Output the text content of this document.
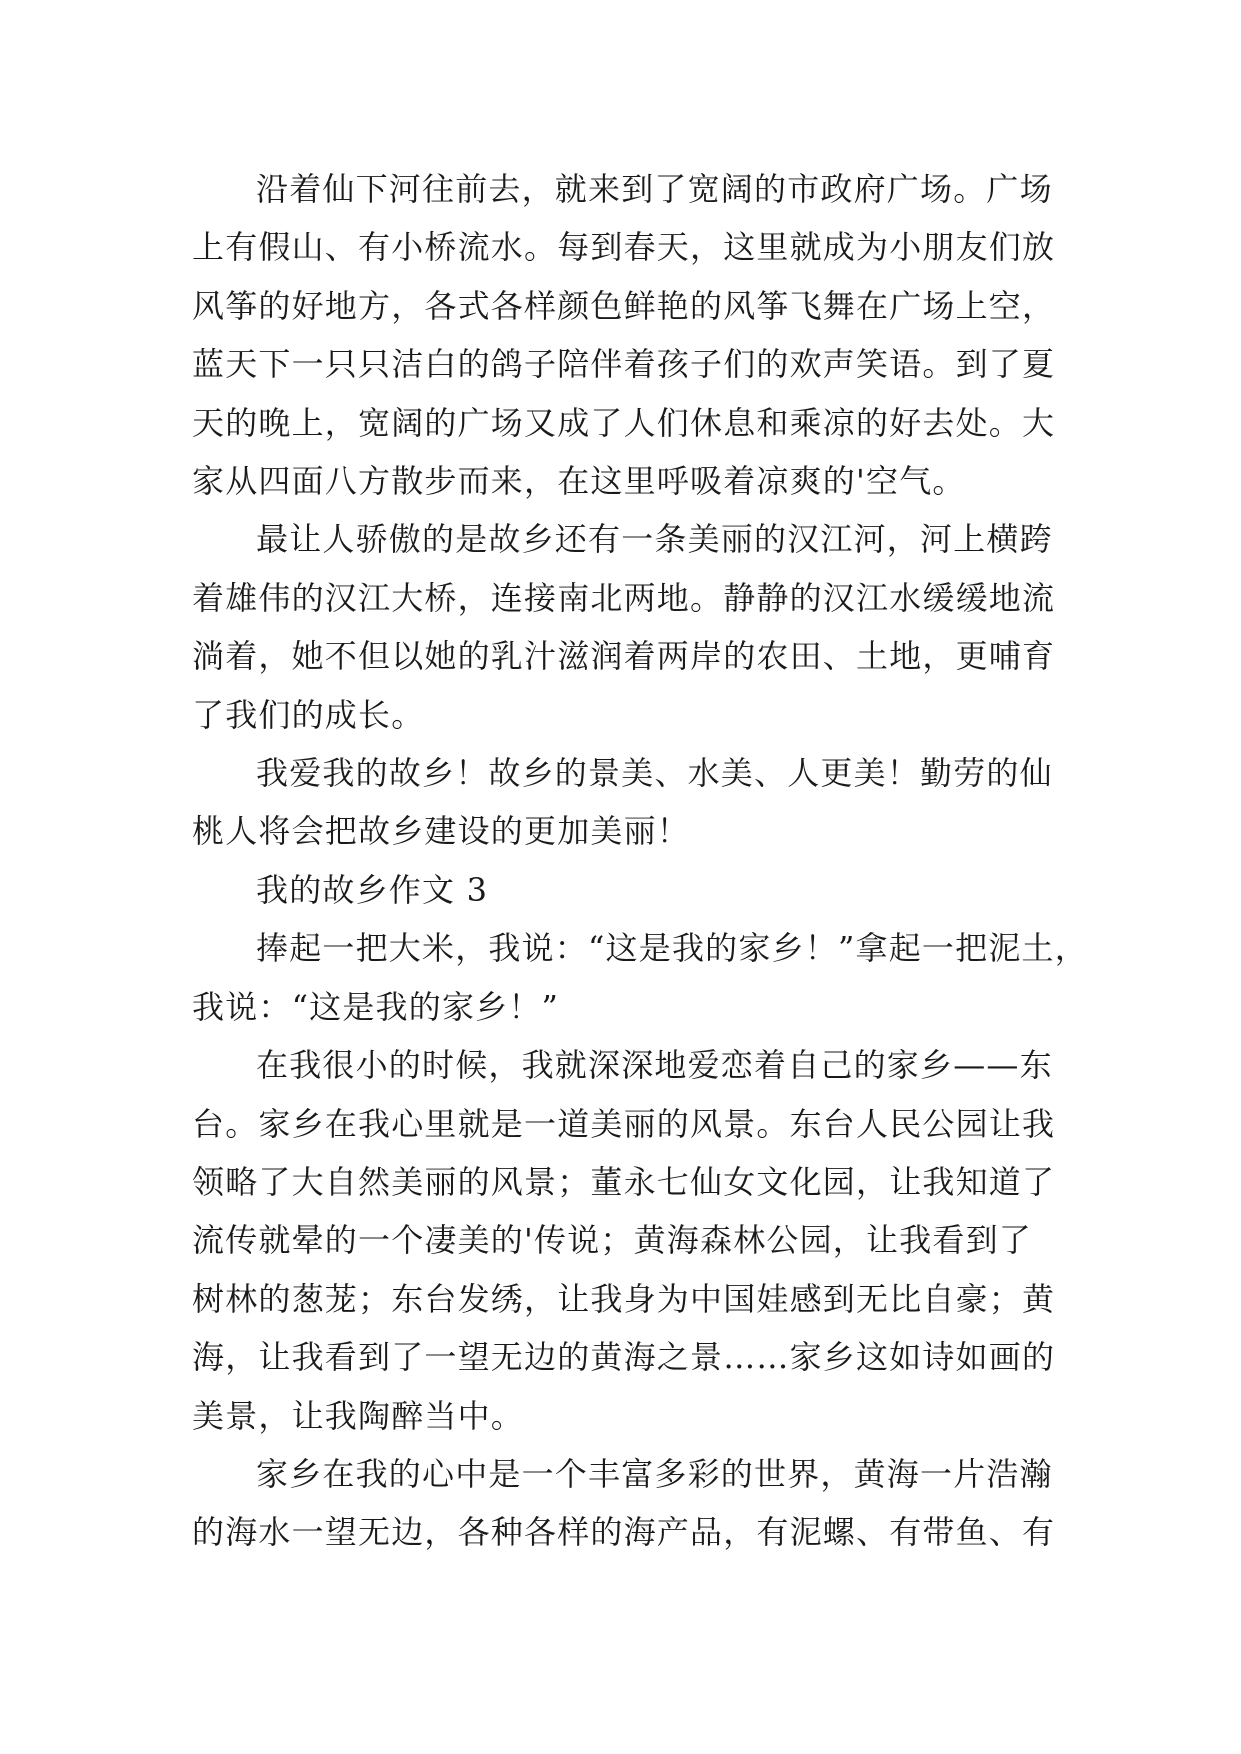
沿着仙下河往前去，就来到了宽阔的市政府广场。广场
上有假山、有小桥流水。每到春天，这里就成为小朋友们放
风筝的好地方，各式各样颜色鲜艳的风筝飞舞在广场上空，
蓝天下一只只洁白的鸽子陪伴着孩子们的欢声笑语。到了夏
天的晚上，宽阔的广场又成了人们休息和乘凉的好去处。大
家从四面八方散步而来，在这里呼吸着凉爽的'空气。

最让人骄傲的是故乡还有一条美丽的汉江河，河上横跨
着雄伟的汉江大桥，连接南北两地。静静的汉江水缓缓地流
淌着，她不但以她的乳汁滋润着两岸的农田、土地，更哺育
了我们的成长。

我爱我的故乡！故乡的景美、水美、人更美！勤劳的仙
桃人将会把故乡建设的更加美丽！

我的故乡作文 3

捧起一把大米，我说：“这是我的家乡！”拿起一把泥土，
我说：“这是我的家乡！”

在我很小的时候，我就深深地爱恋着自己的家乡——东
台。家乡在我心里就是一道美丽的风景。东台人民公园让我
领略了大自然美丽的风景；董永七仙女文化园，让我知道了
流传就晕的一个凄美的'传说；黄海森林公园，让我看到了
树林的葱茏；东台发绣，让我身为中国娃感到无比自豪；黄
海，让我看到了一望无边的黄海之景……家乡这如诗如画的
美景，让我陶醉当中。

家乡在我的心中是一个丰富多彩的世界，黄海一片浩瀚
的海水一望无边，各种各样的海产品，有泥螺、有带鱼、有
